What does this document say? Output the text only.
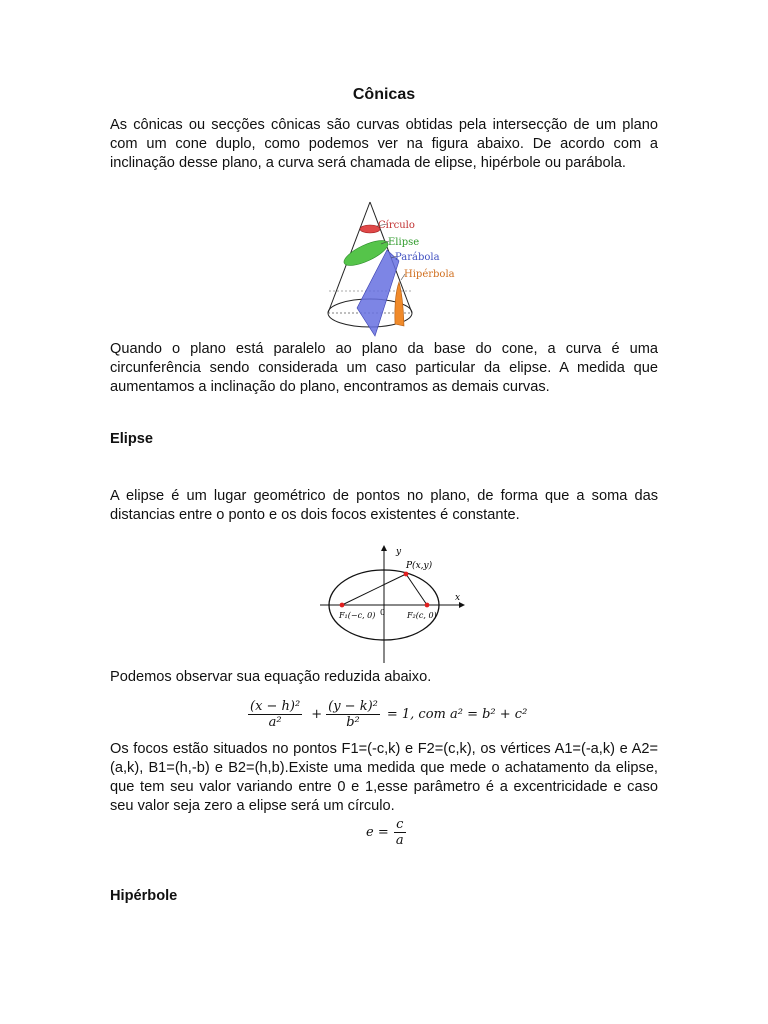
Cônicas
As cônicas ou secções cônicas são curvas obtidas pela intersecção de um plano com um cone duplo, como podemos ver na figura abaixo. De acordo com a inclinação desse plano, a curva será chamada de elipse, hipérbole ou parábola.
Círculo
Elipse
Parábola
Hipérbola
Quando o plano está paralelo ao plano da base do cone, a curva é uma circunferência sendo considerada um caso particular da elipse. A medida que aumentamos a inclinação do plano, encontramos as demais curvas.
Elipse
A elipse é um lugar geométrico de pontos no plano, de forma que a soma das distancias entre o ponto e os dois focos existentes é constante.
y
x
P(x,y)
0
F₁(−c, 0)	F₂(c, 0)
Podemos observar sua equação reduzida abaixo.
(x − h)²
a²
+
(y − k)²
b²
= 1, com a² = b² + c²
Os focos estão situados no pontos F1=(-c,k) e F2=(c,k), os vértices A1=(-a,k) e A2=(a,k), B1=(h,-b) e B2=(h,b).Existe uma medida que mede o achatamento da elipse, que tem seu valor variando entre 0 e 1,esse parâmetro é a excentricidade e caso seu valor seja zero a elipse será um círculo.
e =
c
a
Hipérbole
